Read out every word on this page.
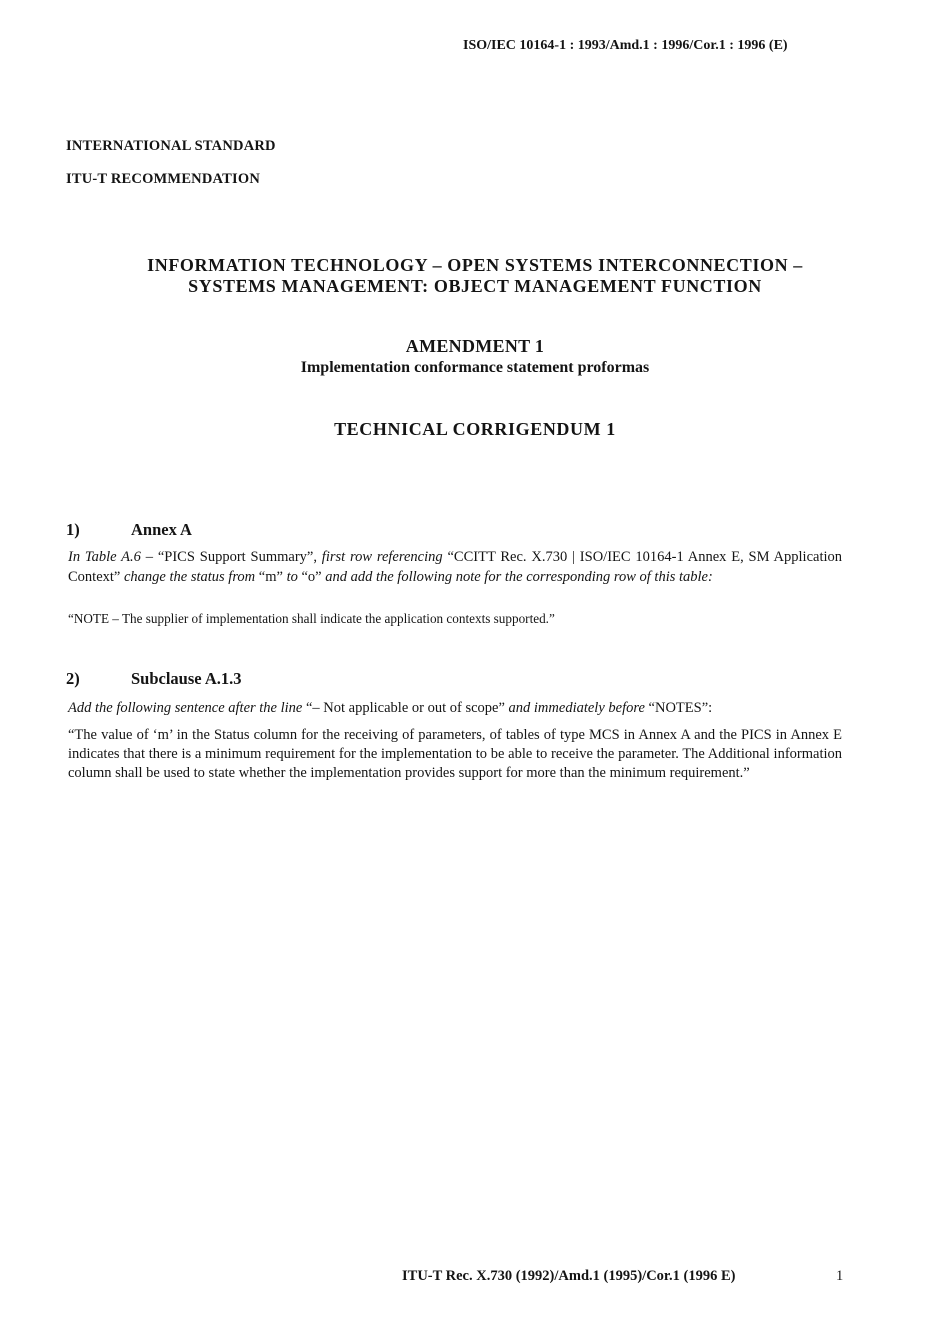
ISO/IEC 10164-1 : 1993/Amd.1 : 1996/Cor.1 : 1996 (E)
INTERNATIONAL STANDARD
ITU-T RECOMMENDATION
INFORMATION TECHNOLOGY – OPEN SYSTEMS INTERCONNECTION –
SYSTEMS MANAGEMENT: OBJECT MANAGEMENT FUNCTION
AMENDMENT 1
Implementation conformance statement proformas
TECHNICAL CORRIGENDUM 1
1)	Annex A
In Table A.6 – “PICS Support Summary”, first row referencing “CCITT Rec. X.730 | ISO/IEC 10164-1 Annex E, SM Application Context” change the status from “m” to “o” and add the following note for the corresponding row of this table:
“NOTE – The supplier of implementation shall indicate the application contexts supported.”
2)	Subclause A.1.3
Add the following sentence after the line “– Not applicable or out of scope” and immediately before “NOTES”:
“The value of ‘m’ in the Status column for the receiving of parameters, of tables of type MCS in Annex A and the PICS in Annex E indicates that there is a minimum requirement for the implementation to be able to receive the parameter. The Additional information column shall be used to state whether the implementation provides support for more than the minimum requirement.”
ITU-T Rec. X.730 (1992)/Amd.1 (1995)/Cor.1 (1996 E)	1
